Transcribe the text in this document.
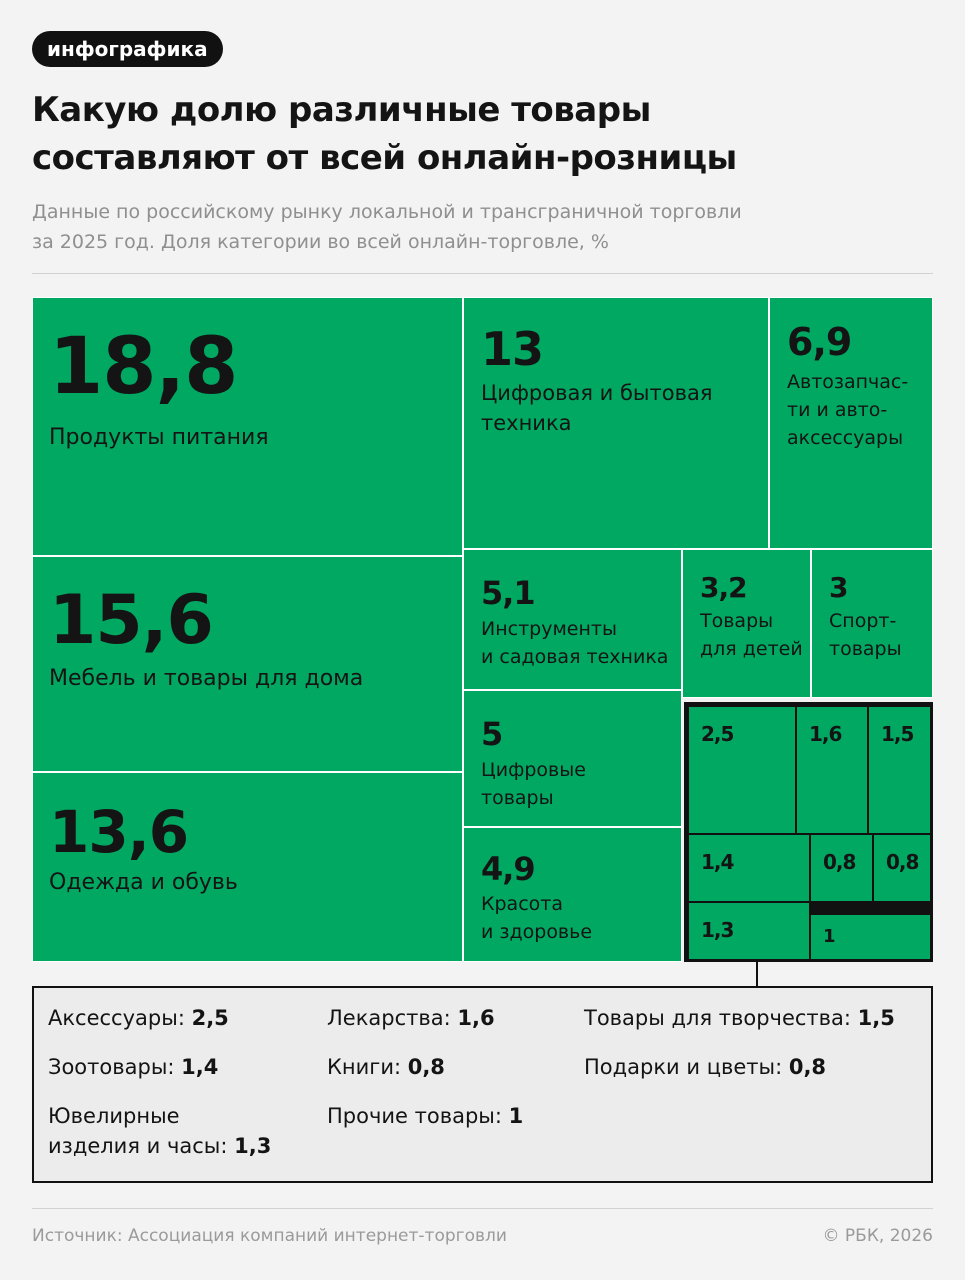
инфографика
Какую долю различные товары
составляют от всей онлайн-розницы
Данные по российскому рынку локальной и трансграничной торговли
за 2025 год. Доля категории во всей онлайн-торговле, %
18,8
Продукты питания
15,6
Мебель и товары для дома
13,6
Одежда и обувь
13
Цифровая и бытовая
техника
6,9
Автозапчас-
ти и авто-
аксессуары
5,1
Инструменты
и садовая техника
3,2
Товары
для детей
3
Спорт-
товары
5
Цифровые
товары
4,9
Красота
и здоровье
2,5	1,6 1,5
1,4	0,8 0,8
1,3	1
Аксессуары: 2,5	Лекарства: 1,6	Товары для творчества: 1,5
Зоотовары: 1,4	Книги: 0,8	Подарки и цветы: 0,8
Ювелирные
изделия и часы: 1,3
Прочие товары: 1
Источник: Ассоциация компаний интернет-торговли	© РБК, 2026
